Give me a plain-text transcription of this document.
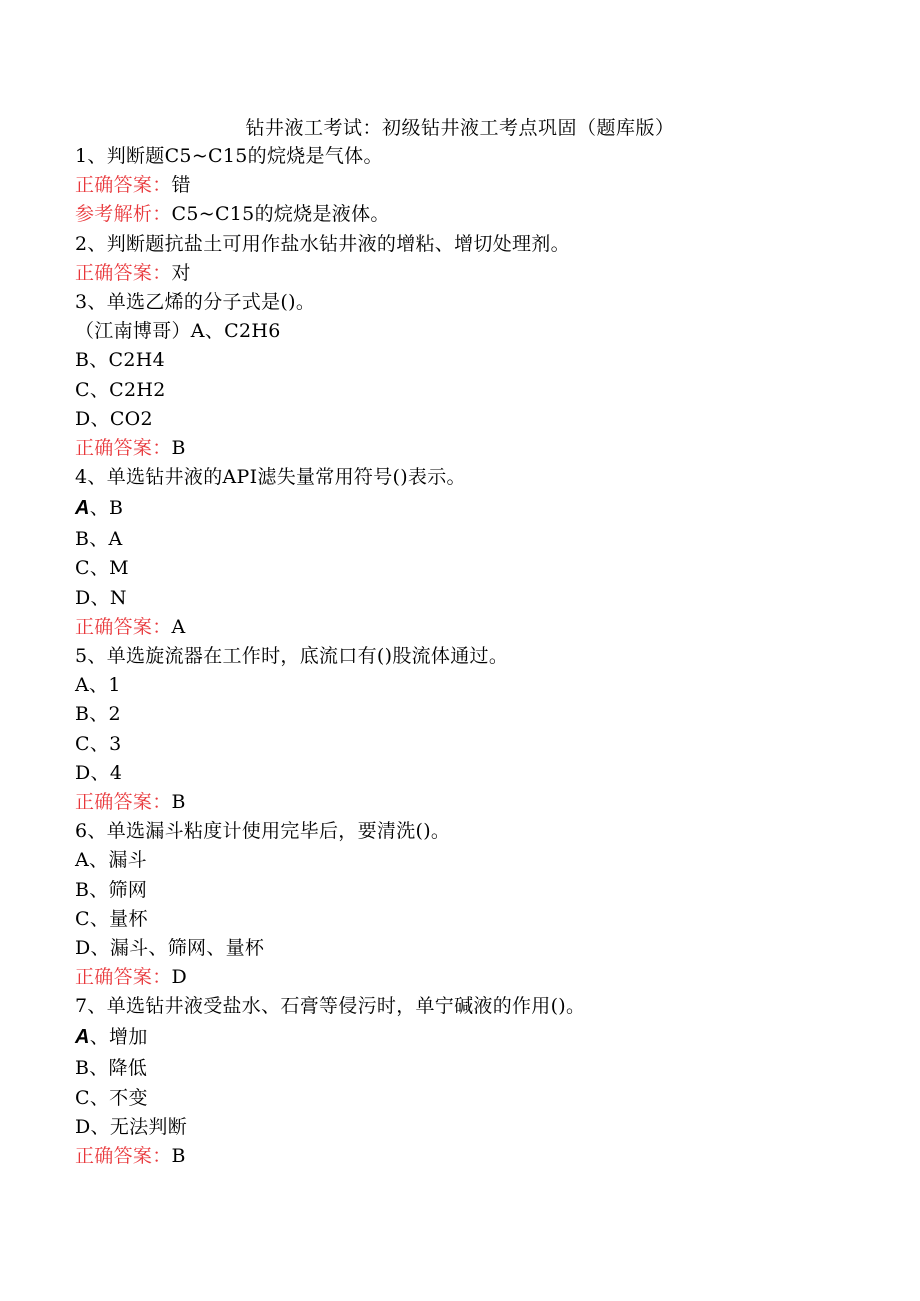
钻井液工考试：初级钻井液工考点巩固（题库版）
1、判断题C5~C15的烷烧是气体。
正确答案：错
参考解析：C5~C15的烷烧是液体。
2、判断题抗盐土可用作盐水钻井液的增粘、增切处理剂。
正确答案：对
3、单选乙烯的分子式是()。
（江南博哥）A、C2H6
B、C2H4
C、C2H2
D、CO2
正确答案：B
4、单选钻井液的API滤失量常用符号()表示。
A、B
B、A
C、M
D、N
正确答案：A
5、单选旋流器在工作时，底流口有()股流体通过。
A、1
B、2
C、3
D、4
正确答案：B
6、单选漏斗粘度计使用完毕后，要清洗()。
A、漏斗
B、筛网
C、量杯
D、漏斗、筛网、量杯
正确答案：D
7、单选钻井液受盐水、石膏等侵污时，单宁碱液的作用()。
A、增加
B、降低
C、不变
D、无法判断
正确答案：B
